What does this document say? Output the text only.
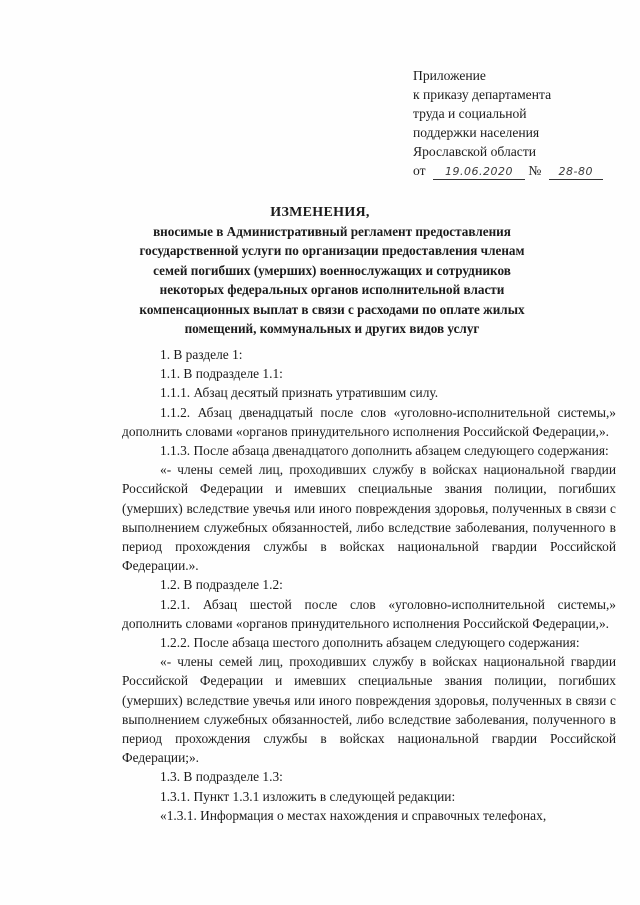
Приложение
к приказу департамента
труда и социальной
поддержки населения
Ярославской области
от 19.06.2020 № 28-80
ИЗМЕНЕНИЯ,
вносимые в Административный регламент предоставления государственной услуги по организации предоставления членам семей погибших (умерших) военнослужащих и сотрудников некоторых федеральных органов исполнительной власти компенсационных выплат в связи с расходами по оплате жилых помещений, коммунальных и других видов услуг

1. В разделе 1:

1.1. В подразделе 1.1:

1.1.1. Абзац десятый признать утратившим силу.

1.1.2. Абзац двенадцатый после слов «уголовно-исполнительной системы,» дополнить словами «органов принудительного исполнения Российской Федерации,».

1.1.3. После абзаца двенадцатого дополнить абзацем следующего содержания:

«- члены семей лиц, проходивших службу в войсках национальной гвардии Российской Федерации и имевших специальные звания полиции, погибших (умерших) вследствие увечья или иного повреждения здоровья, полученных в связи с выполнением служебных обязанностей, либо вследствие заболевания, полученного в период прохождения службы в войсках национальной гвардии Российской Федерации.».

1.2. В подразделе 1.2:

1.2.1. Абзац шестой после слов «уголовно-исполнительной системы,» дополнить словами «органов принудительного исполнения Российской Федерации,».

1.2.2. После абзаца шестого дополнить абзацем следующего содержания:

«- члены семей лиц, проходивших службу в войсках национальной гвардии Российской Федерации и имевших специальные звания полиции, погибших (умерших) вследствие увечья или иного повреждения здоровья, полученных в связи с выполнением служебных обязанностей, либо вследствие заболевания, полученного в период прохождения службы в войсках национальной гвардии Российской Федерации;».

1.3. В подразделе 1.3:

1.3.1. Пункт 1.3.1 изложить в следующей редакции:

«1.3.1. Информация о местах нахождения и справочных телефонах,
